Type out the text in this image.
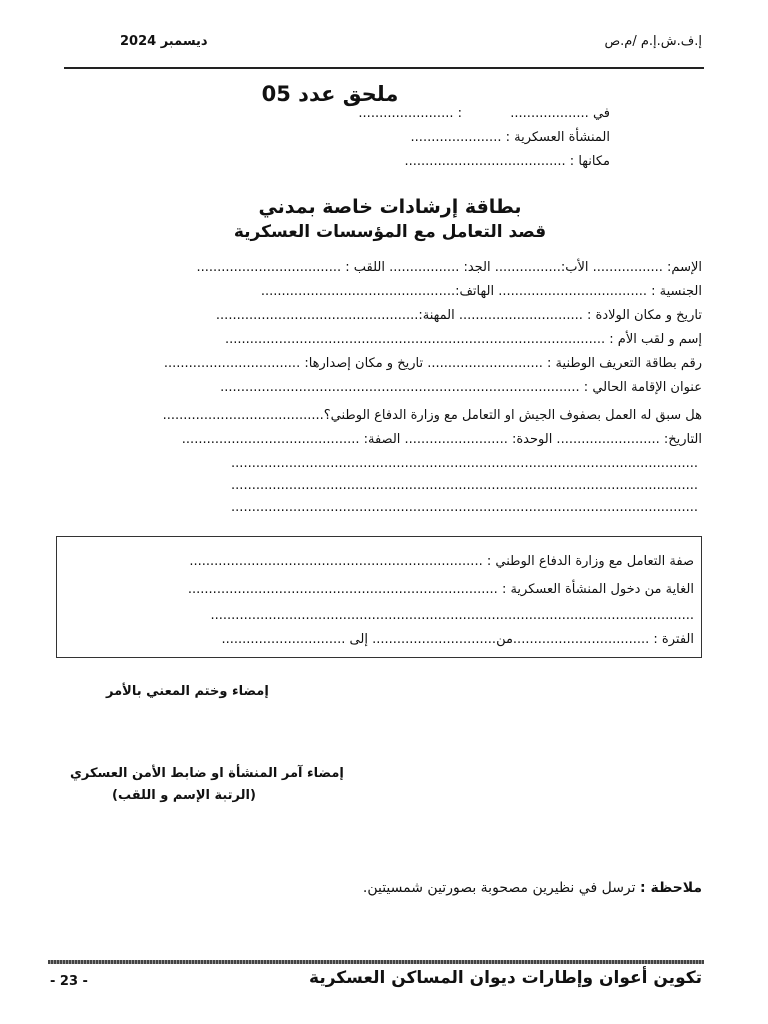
ديسمبر 2024	إ.ف.ش.إ.م /م.ص
ملحق عدد 05
في ...................  : .......................
المنشأة العسكرية : ......................
مكانها : .......................................
بطاقة إرشادات خاصة بمدني
قصد التعامل مع المؤسسات العسكرية
الإسم: ................. الأب:................ الجد: ................. اللقب : ...................................
الجنسية : .................................... الهاتف:...............................................
تاريخ و مكان الولادة : .............................. المهنة:.................................................
إسم و لقب الأم : ............................................................................................
رقم بطاقة التعريف الوطنية : ............................ تاريخ و مكان إصدارها: .................................
عنوان الإقامة الحالي : .......................................................................................
هل سبق له العمل بصفوف الجيش او التعامل مع وزارة الدفاع الوطني؟.......................................
التاريخ: ......................... الوحدة: ......................... الصفة: ...........................................
.................................................................................................................
.................................................................................................................
.................................................................................................................
صفة التعامل مع وزارة الدفاع الوطني : .......................................................................
الغاية من دخول المنشأة العسكرية : ...........................................................................
.....................................................................................................................
الفترة : .................................من.............................. إلى ..............................
إمضاء وختم المعني بالأمر
إمضاء آمر المنشأة او ضابط الأمن العسكري
(الرتبة الإسم و اللقب)
ملاحظة : ترسل في نظيرين مصحوبة بصورتين شمسيتين.
تكوين أعوان وإطارات ديوان المساكن العسكرية
- 23 -
